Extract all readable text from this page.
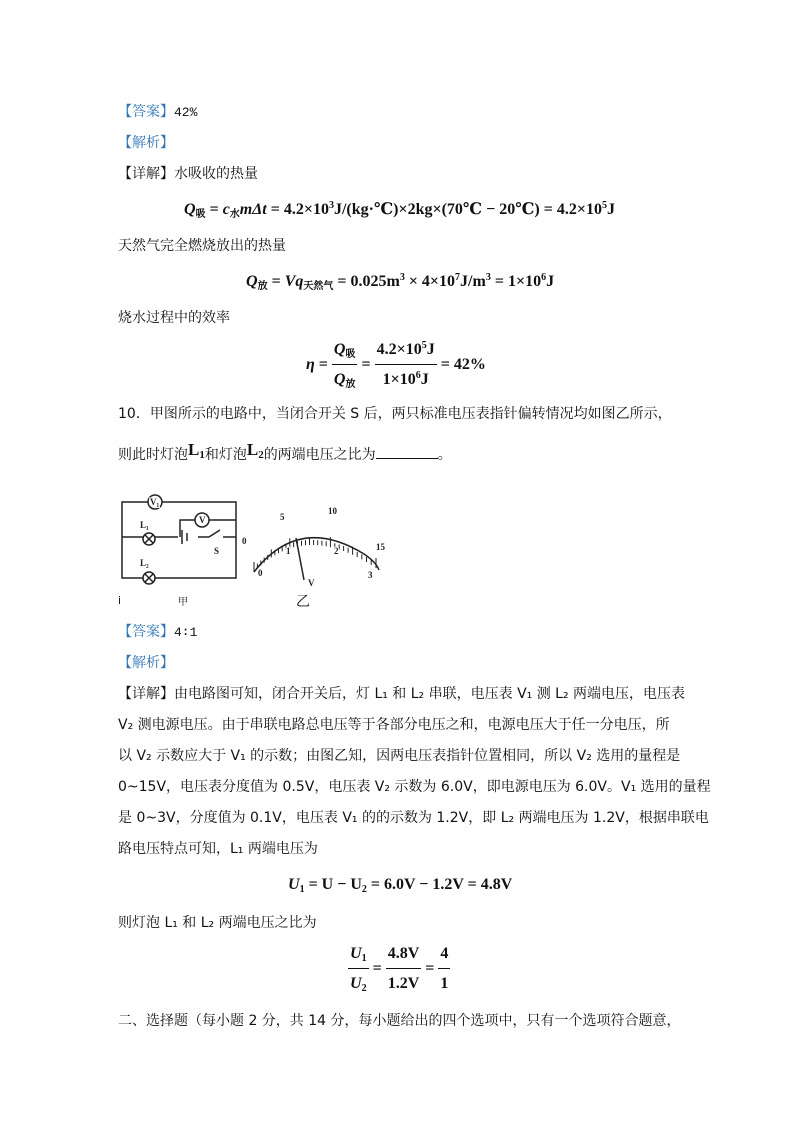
【答案】42%
【解析】
【详解】水吸收的热量
$Q_吸 = c_水m\Delta t$ = $4.2\times 10^3J/(kg\cdot℃)\times 2kg\times(70℃$ − 20℃) = $4.2\times 10^5J$
天然气完全燃烧放出的热量
$Q_放 = Vq_{天然气} = 0.025m^3 \times 4\times 10^7J/m^3 = 1\times 10^6J$
烧水过程中的效率
$\eta = \frac{Q_吸}{Q_放} = \frac{4.2\times 10^5J}{1\times 10^6J} = 42\%$
10．甲图所示的电路中，当闭合开关 S 后，两只标准电压表指针偏转情况均如图乙所示，
则此时灯泡$L_1$和灯泡$L_2$的两端电压之比为	。
V₁
L₁
L₂
V
S
0
5
10
15
0
1	2
3
V
i	甲	乙
【答案】4∶1
【解析】
【详解】由电路图可知，闭合开关后，灯 L₁ 和 L₂ 串联，电压表 V₁ 测 L₂ 两端电压，电压表
V₂ 测电源电压。由于串联电路总电压等于各部分电压之和，电源电压大于任一分电压，所
以 V₂ 示数应大于 V₁ 的示数；由图乙知，因两电压表指针位置相同，所以 V₂ 选用的量程是
0~15V，电压表分度值为 0.5V，电压表 V₂ 示数为 6.0V，即电源电压为 6.0V。V₁ 选用的量程
是 0~3V，分度值为 0.1V，电压表 V₁ 的的示数为 1.2V，即 L₂ 两端电压为 1.2V，根据串联电
路电压特点可知，L₁ 两端电压为
$U_1 = U - U_2 = 6.0V - 1.2V = 4.8V$
则灯泡 L₁ 和 L₂ 两端电压之比为
$\frac{U_1}{U_2} = \frac{4.8V}{1.2V} = \frac{4}{1}$
二、选择题（每小题 2 分，共 14 分，每小题给出的四个选项中，只有一个选项符合题意，
